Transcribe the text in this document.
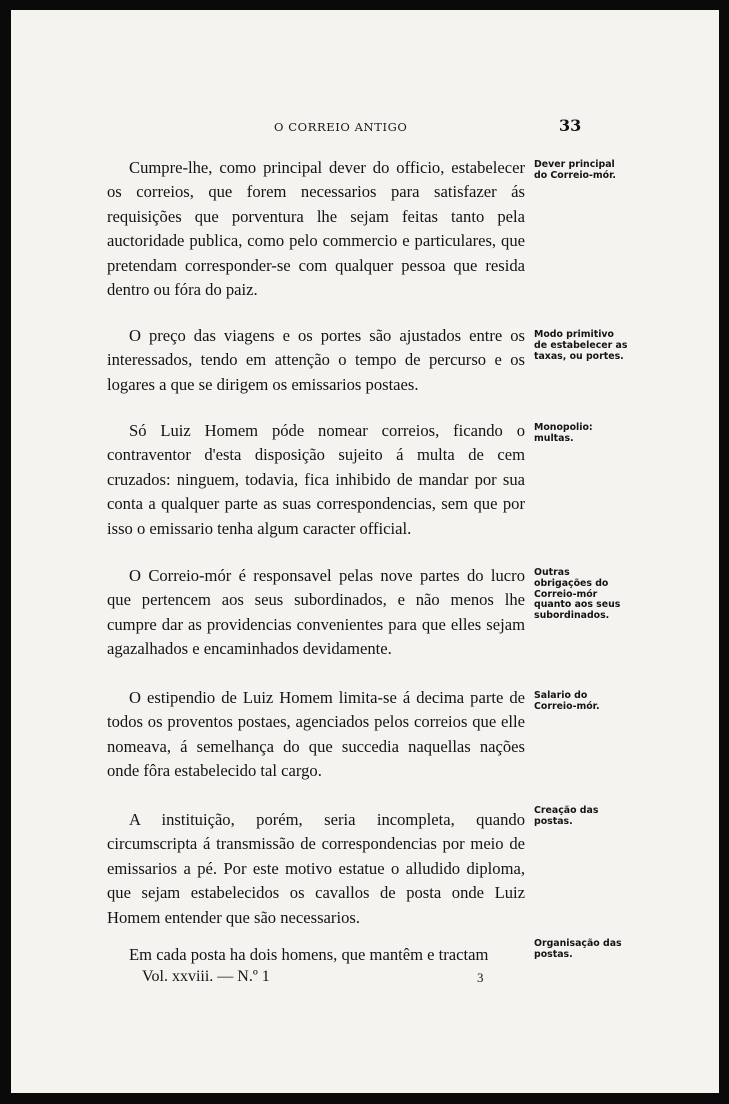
O CORREIO ANTIGO	33

Cumpre-lhe, como principal dever do officio, estabelecer os correios, que forem necessarios para satisfazer ás requisições que porventura lhe sejam feitas tanto pela auctoridade publica, como pelo commercio e particulares, que pretendam corresponder-se com qualquer pessoa que resida dentro ou fóra do paiz.

O preço das viagens e os portes são ajustados entre os interessados, tendo em attenção o tempo de percurso e os logares a que se dirigem os emissarios postaes.

Só Luiz Homem póde nomear correios, ficando o contraventor d'esta disposição sujeito á multa de cem cruzados: ninguem, todavia, fica inhibido de mandar por sua conta a qualquer parte as suas correspondencias, sem que por isso o emissario tenha algum caracter official.

O Correio-mór é responsavel pelas nove partes do lucro que pertencem aos seus subordinados, e não menos lhe cumpre dar as providencias convenientes para que elles sejam agazalhados e encaminhados devidamente.

O estipendio de Luiz Homem limita-se á decima parte de todos os proventos postaes, agenciados pelos correios que elle nomeava, á semelhança do que succedia naquellas nações onde fôra estabelecido tal cargo.

A instituição, porém, seria incompleta, quando circumscripta á transmissão de correspondencias por meio de emissarios a pé. Por este motivo estatue o alludido diploma, que sejam estabelecidos os cavallos de posta onde Luiz Homem entender que são necessarios.

Em cada posta ha dois homens, que mantêm e tractam

Dever principal do Correio-mór.
Modo primitivo de estabelecer as taxas, ou portes.
Monopolio: multas.
Outras obrigações do Correio-mór quanto aos seus subordinados.
Salario do Correio-mór.
Creação das postas.
Organisação das postas.
Vol. xxviii. — N.º 1	3
